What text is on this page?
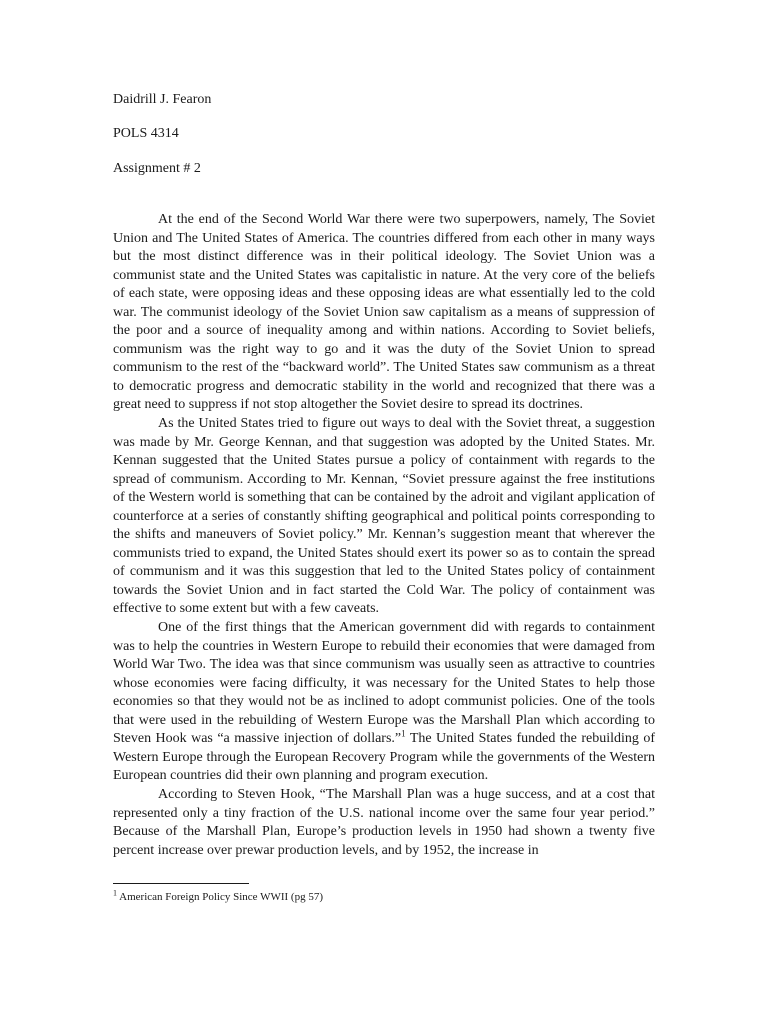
Daidrill J. Fearon
POLS 4314
Assignment # 2

At the end of the Second World War there were two superpowers, namely, The Soviet Union and The United States of America. The countries differed from each other in many ways but the most distinct difference was in their political ideology. The Soviet Union was a communist state and the United States was capitalistic in nature. At the very core of the beliefs of each state, were opposing ideas and these opposing ideas are what essentially led to the cold war. The communist ideology of the Soviet Union saw capitalism as a means of suppression of the poor and a source of inequality among and within nations. According to Soviet beliefs, communism was the right way to go and it was the duty of the Soviet Union to spread communism to the rest of the “backward world”. The United States saw communism as a threat to democratic progress and democratic stability in the world and recognized that there was a great need to suppress if not stop altogether the Soviet desire to spread its doctrines.

As the United States tried to figure out ways to deal with the Soviet threat, a suggestion was made by Mr. George Kennan, and that suggestion was adopted by the United States. Mr. Kennan suggested that the United States pursue a policy of containment with regards to the spread of communism. According to Mr. Kennan, “Soviet pressure against the free institutions of the Western world is something that can be contained by the adroit and vigilant application of counterforce at a series of constantly shifting geographical and political points corresponding to the shifts and maneuvers of Soviet policy.” Mr. Kennan’s suggestion meant that wherever the communists tried to expand, the United States should exert its power so as to contain the spread of communism and it was this suggestion that led to the United States policy of containment towards the Soviet Union and in fact started the Cold War. The policy of containment was effective to some extent but with a few caveats.

One of the first things that the American government did with regards to containment was to help the countries in Western Europe to rebuild their economies that were damaged from World War Two. The idea was that since communism was usually seen as attractive to countries whose economies were facing difficulty, it was necessary for the United States to help those economies so that they would not be as inclined to adopt communist policies. One of the tools that were used in the rebuilding of Western Europe was the Marshall Plan which according to Steven Hook was “a massive injection of dollars.”$^1$ The United States funded the rebuilding of Western Europe through the European Recovery Program while the governments of the Western European countries did their own planning and program execution.

According to Steven Hook, “The Marshall Plan was a huge success, and at a cost that represented only a tiny fraction of the U.S. national income over the same four year period.” Because of the Marshall Plan, Europe’s production levels in 1950 had shown a twenty five percent increase over prewar production levels, and by 1952, the increase in

$^1$ American Foreign Policy Since WWII (pg 57)
